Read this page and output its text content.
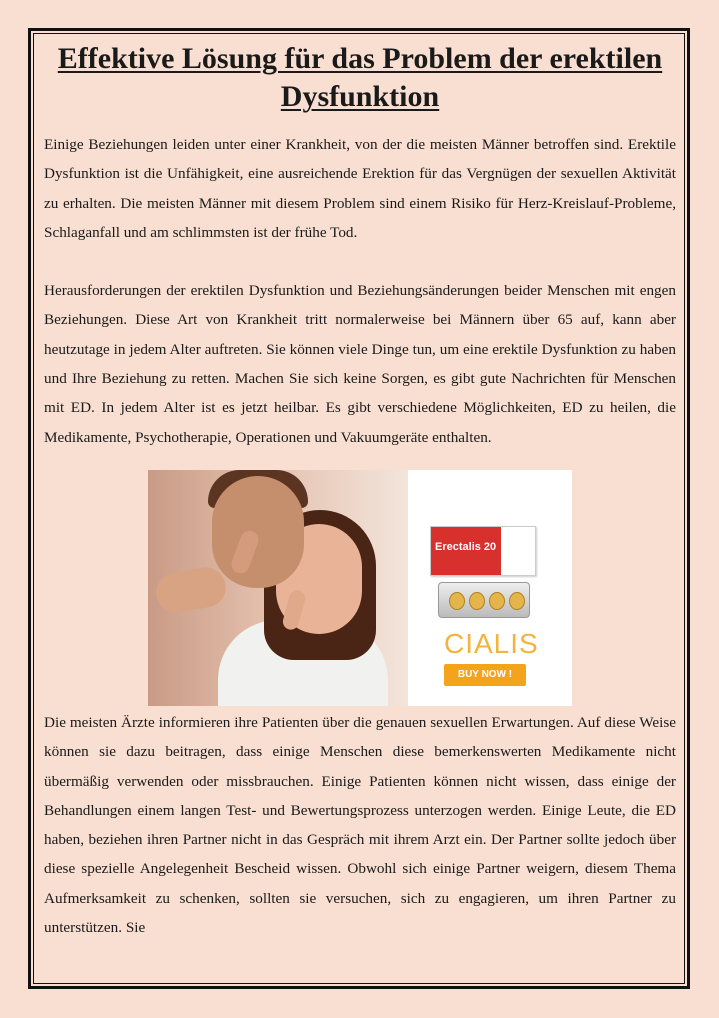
Effektive Lösung für das Problem der erektilen Dysfunktion

Einige Beziehungen leiden unter einer Krankheit, von der die meisten Männer betroffen sind. Erektile Dysfunktion ist die Unfähigkeit, eine ausreichende Erektion für das Vergnügen der sexuellen Aktivität zu erhalten. Die meisten Männer mit diesem Problem sind einem Risiko für Herz-Kreislauf-Probleme, Schlaganfall und am schlimmsten ist der frühe Tod.

Herausforderungen der erektilen Dysfunktion und Beziehungsänderungen beider Menschen mit engen Beziehungen. Diese Art von Krankheit tritt normalerweise bei Männern über 65 auf, kann aber heutzutage in jedem Alter auftreten. Sie können viele Dinge tun, um eine erektile Dysfunktion zu haben und Ihre Beziehung zu retten. Machen Sie sich keine Sorgen, es gibt gute Nachrichten für Menschen mit ED. In jedem Alter ist es jetzt heilbar. Es gibt verschiedene Möglichkeiten, ED zu heilen, die Medikamente, Psychotherapie, Operationen und Vakuumgeräte enthalten.

Erectalis 20
CIALIS
BUY NOW !

Die meisten Ärzte informieren ihre Patienten über die genauen sexuellen Erwartungen. Auf diese Weise können sie dazu beitragen, dass einige Menschen diese bemerkenswerten Medikamente nicht übermäßig verwenden oder missbrauchen. Einige Patienten können nicht wissen, dass einige der Behandlungen einem langen Test- und Bewertungsprozess unterzogen werden. Einige Leute, die ED haben, beziehen ihren Partner nicht in das Gespräch mit ihrem Arzt ein. Der Partner sollte jedoch über diese spezielle Angelegenheit Bescheid wissen. Obwohl sich einige Partner weigern, diesem Thema Aufmerksamkeit zu schenken, sollten sie versuchen, sich zu engagieren, um ihren Partner zu unterstützen. Sie
